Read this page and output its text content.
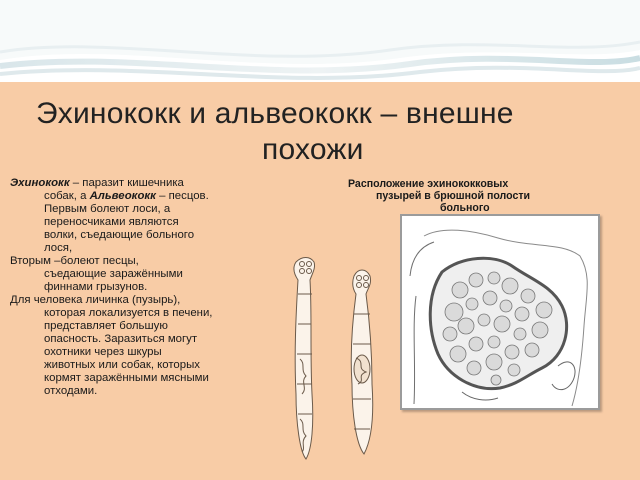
Эхинококк и альвеококк – внешне
похожи

Эхинококк – паразит кишечника
собак, а Альвеококк – песцов.
Первым болеют лоси, а
переносчиками являются
волки, съедающие больного
лося,

Вторым –болеют песцы,
съедающие заражёнными
финнами грызунов.

Для человека личинка (пузырь),
которая локализуется в печени,
представляет большую
опасность. Заразиться могут
охотники через шкуры
животных или собак, которых
кормят заражёнными мясными
отходами.

Расположение эхинококковых
пузырей в брюшной полости
больного
